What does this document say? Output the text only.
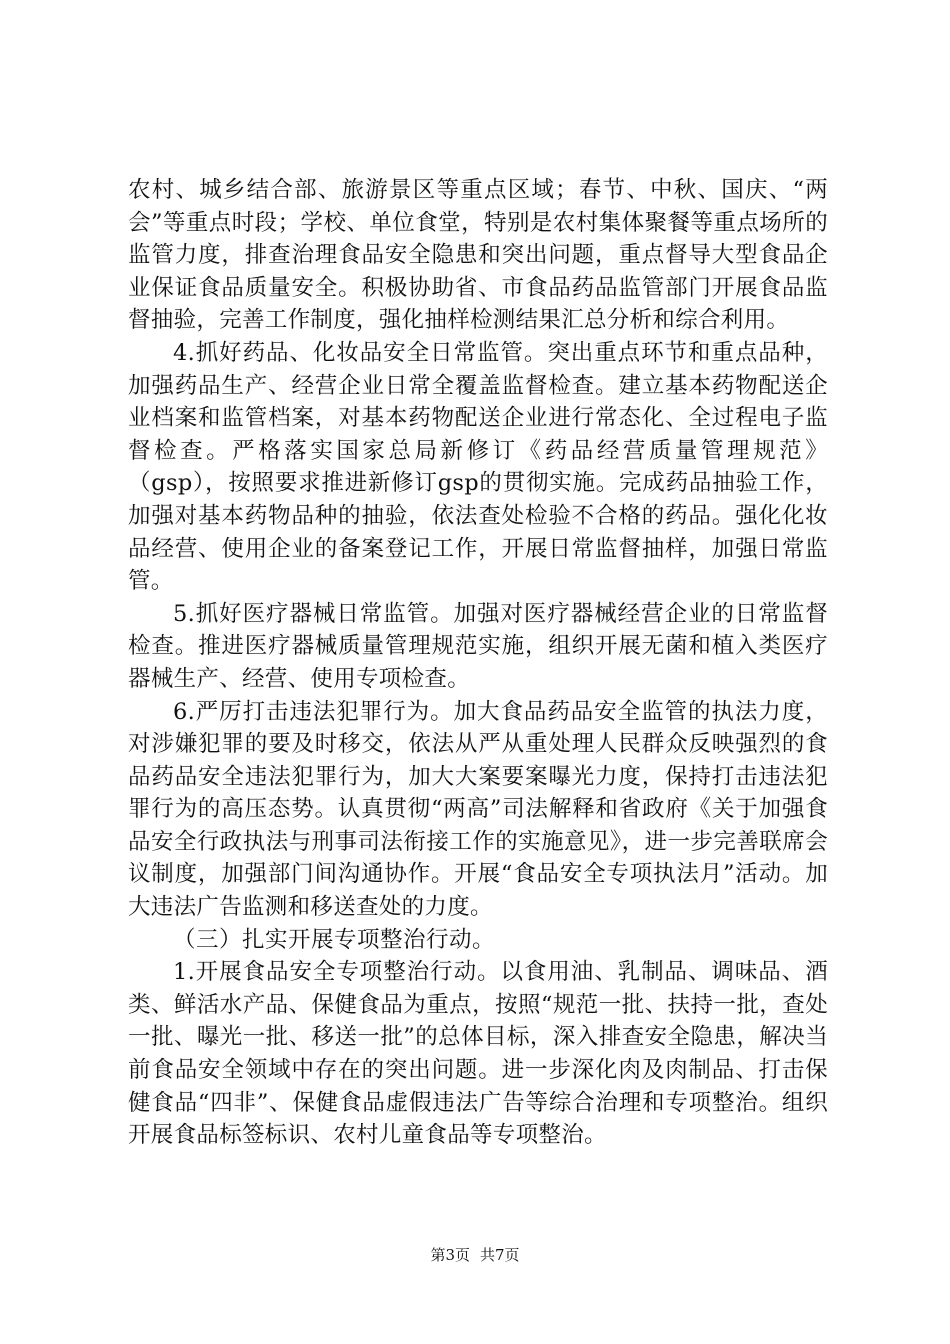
农村、城乡结合部、旅游景区等重点区域；春节、中秋、国庆、“两会”等重点时段；学校、单位食堂，特别是农村集体聚餐等重点场所的监管力度，排查治理食品安全隐患和突出问题，重点督导大型食品企业保证食品质量安全。积极协助省、市食品药品监管部门开展食品监督抽验，完善工作制度，强化抽样检测结果汇总分析和综合利用。

4.抓好药品、化妆品安全日常监管。突出重点环节和重点品种，加强药品生产、经营企业日常全覆盖监督检查。建立基本药物配送企业档案和监管档案，对基本药物配送企业进行常态化、全过程电子监督检查。严格落实国家总局新修订《药品经营质量管理规范》（gsp），按照要求推进新修订gsp的贯彻实施。完成药品抽验工作，加强对基本药物品种的抽验，依法查处检验不合格的药品。强化化妆品经营、使用企业的备案登记工作，开展日常监督抽样，加强日常监管。

5.抓好医疗器械日常监管。加强对医疗器械经营企业的日常监督检查。推进医疗器械质量管理规范实施，组织开展无菌和植入类医疗器械生产、经营、使用专项检查。

6.严厉打击违法犯罪行为。加大食品药品安全监管的执法力度，对涉嫌犯罪的要及时移交，依法从严从重处理人民群众反映强烈的食品药品安全违法犯罪行为，加大大案要案曝光力度，保持打击违法犯罪行为的高压态势。认真贯彻“两高”司法解释和省政府《关于加强食品安全行政执法与刑事司法衔接工作的实施意见》，进一步完善联席会议制度，加强部门间沟通协作。开展“食品安全专项执法月”活动。加大违法广告监测和移送查处的力度。

（三）扎实开展专项整治行动。

1.开展食品安全专项整治行动。以食用油、乳制品、调味品、酒类、鲜活水产品、保健食品为重点，按照“规范一批、扶持一批，查处一批、曝光一批、移送一批”的总体目标，深入排查安全隐患，解决当前食品安全领域中存在的突出问题。进一步深化肉及肉制品、打击保健食品“四非”、保健食品虚假违法广告等综合治理和专项整治。组织开展食品标签标识、农村儿童食品等专项整治。

第3页 共7页
